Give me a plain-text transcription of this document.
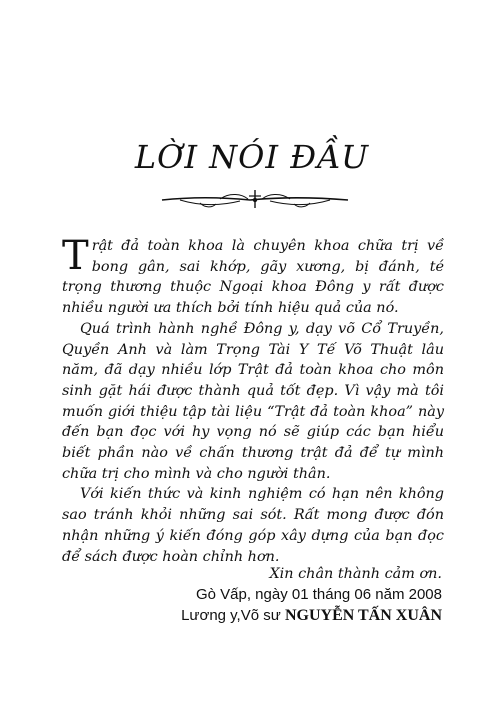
LỜI NÓI ĐẦU

Trật đả toàn khoa là chuyên khoa chữa trị về bong gân, sai khớp, gãy xương, bị đánh, té trọng thương thuộc Ngoại khoa Đông y rất được nhiều người ưa thích bởi tính hiệu quả của nó.

Quá trình hành nghề Đông y, dạy võ Cổ Truyền, Quyền Anh và làm Trọng Tài Y Tế Võ Thuật lâu năm, đã dạy nhiều lớp Trật đả toàn khoa cho môn sinh gặt hái được thành quả tốt đẹp. Vì vậy mà tôi muốn giới thiệu tập tài liệu “Trật đả toàn khoa” này đến bạn đọc với hy vọng nó sẽ giúp các bạn hiểu biết phần nào về chấn thương trật đả để tự mình chữa trị cho mình và cho người thân.

Với kiến thức và kinh nghiệm có hạn nên không sao tránh khỏi những sai sót. Rất mong được đón nhận những ý kiến đóng góp xây dựng của bạn đọc để sách được hoàn chỉnh hơn.

Xin chân thành cảm ơn.
Gò Vấp, ngày 01 tháng 06 năm 2008
Lương y,Võ sư NGUYỄN TẤN XUÂN
